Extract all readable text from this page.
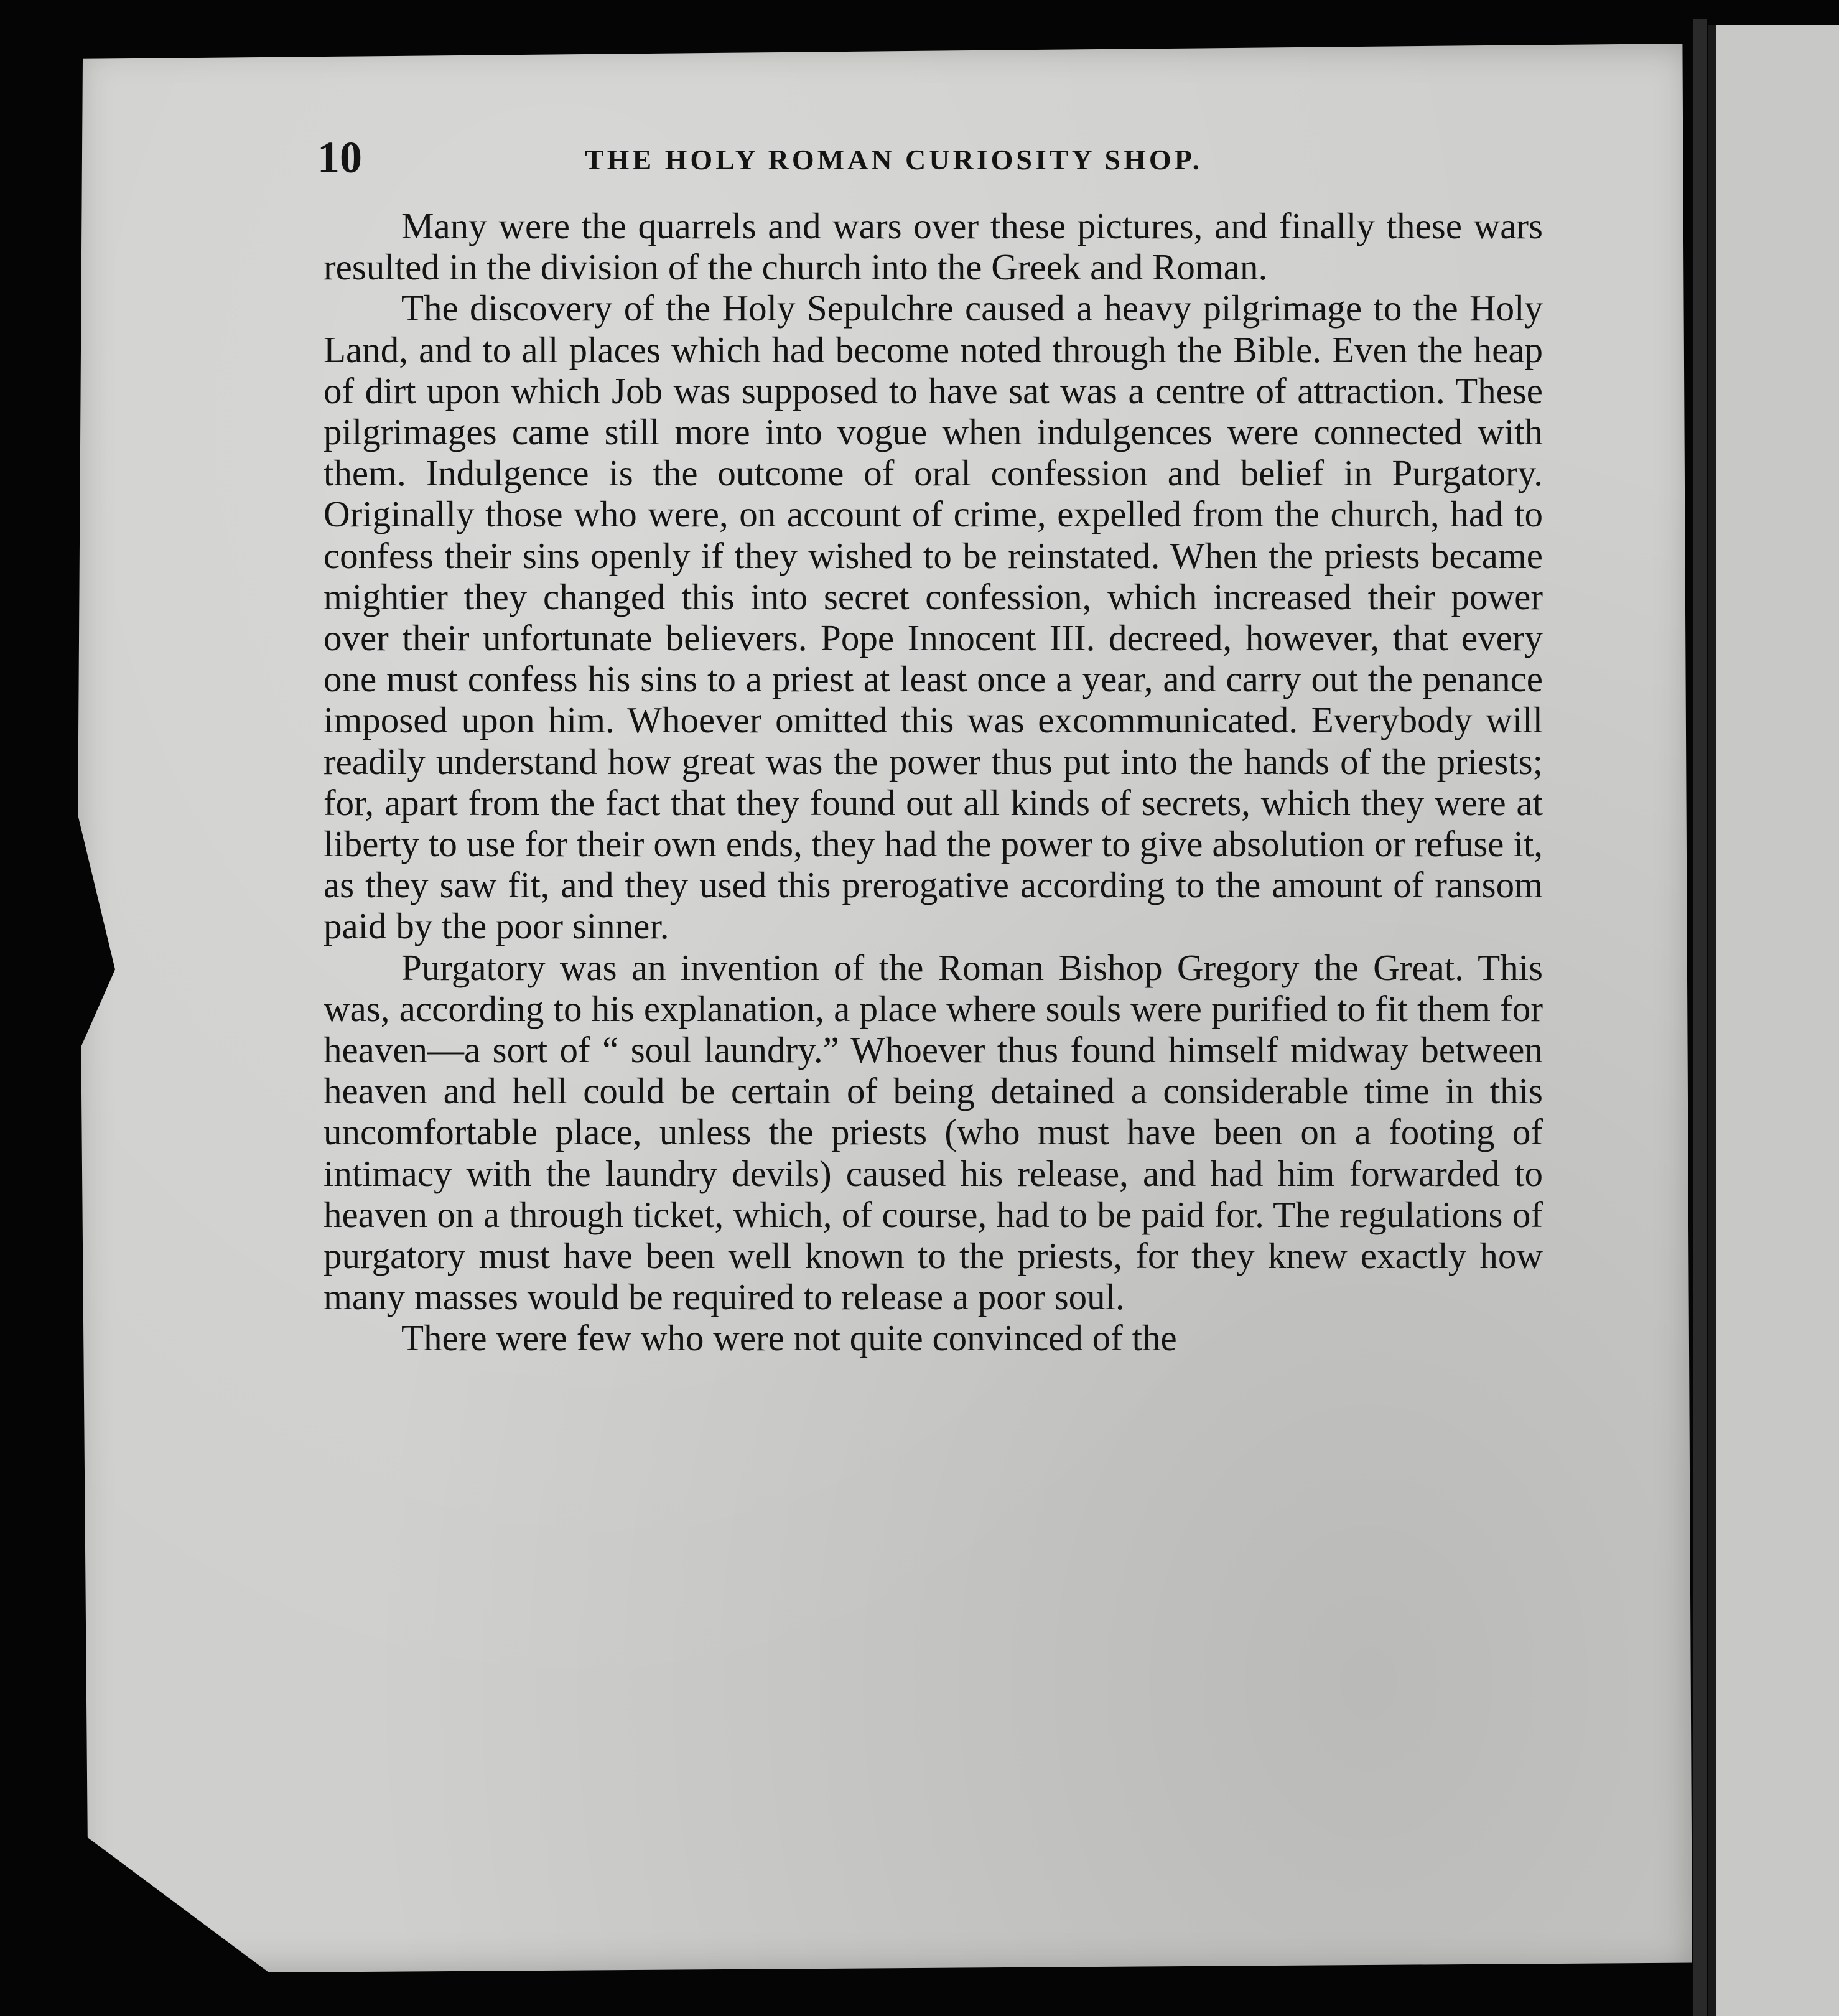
10	THE HOLY ROMAN CURIOSITY SHOP.

Many were the quarrels and wars over these pictures, and finally these wars resulted in the division of the church into the Greek and Roman.

The discovery of the Holy Sepulchre caused a heavy pilgrimage to the Holy Land, and to all places which had become noted through the Bible. Even the heap of dirt upon which Job was supposed to have sat was a centre of attraction. These pilgrimages came still more into vogue when indulgences were connected with them. Indulgence is the outcome of oral confession and belief in Purgatory. Originally those who were, on account of crime, expelled from the church, had to confess their sins openly if they wished to be reinstated. When the priests became mightier they changed this into secret confession, which increased their power over their unfortunate believers. Pope Innocent III. decreed, however, that every one must confess his sins to a priest at least once a year, and carry out the penance imposed upon him. Whoever omitted this was excommunicated. Everybody will readily understand how great was the power thus put into the hands of the priests; for, apart from the fact that they found out all kinds of secrets, which they were at liberty to use for their own ends, they had the power to give absolution or refuse it, as they saw fit, and they used this prerogative according to the amount of ransom paid by the poor sinner.

Purgatory was an invention of the Roman Bishop Gregory the Great. This was, according to his explanation, a place where souls were purified to fit them for heaven—a sort of “ soul laundry.” Whoever thus found himself midway between heaven and hell could be certain of being detained a considerable time in this uncomfortable place, unless the priests (who must have been on a footing of intimacy with the laundry devils) caused his release, and had him forwarded to heaven on a through ticket, which, of course, had to be paid for. The regulations of purgatory must have been well known to the priests, for they knew exactly how many masses would be required to release a poor soul.

There were few who were not quite convinced of the
